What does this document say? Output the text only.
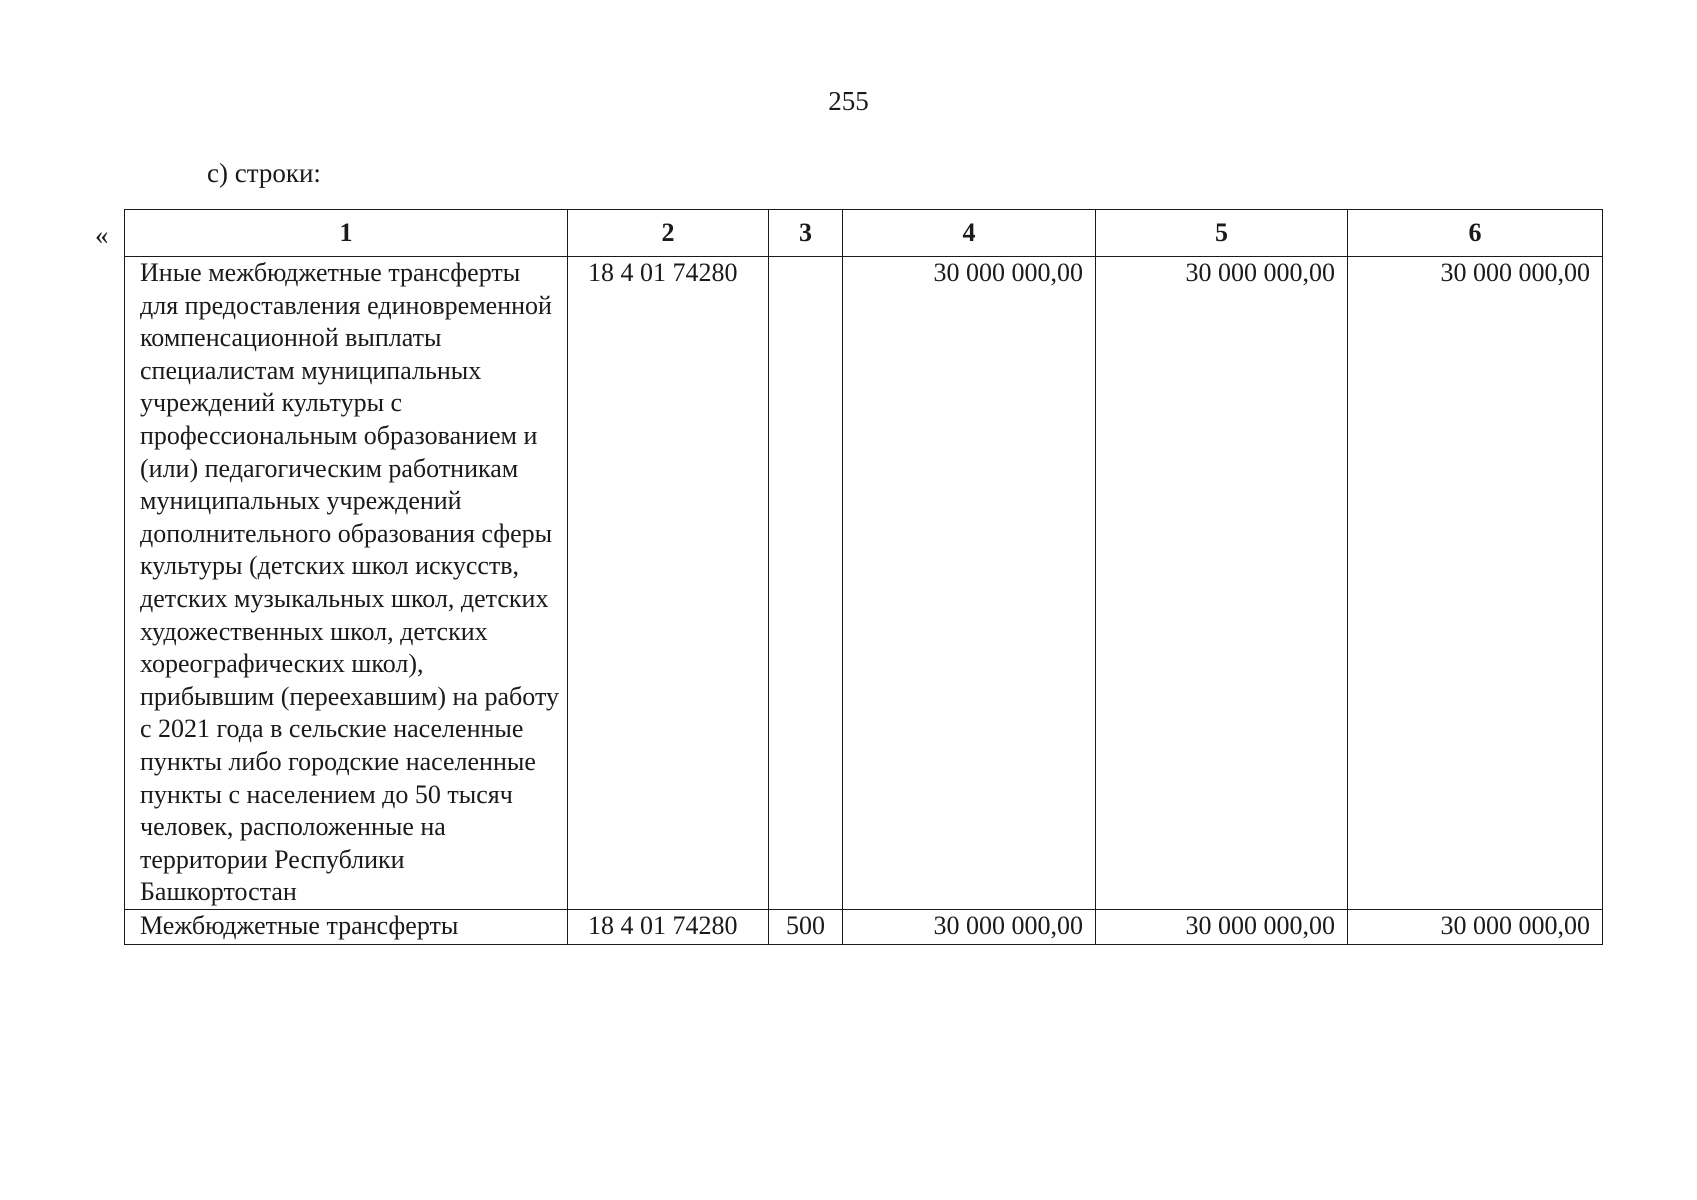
255
с) строки:
«	1	2	3	4	5	6
Иные межбюджетные трансферты для предоставления единовременной компенсационной выплаты специалистам муниципальных учреждений культуры с профессиональным образованием и (или) педагогическим работникам муниципальных учреждений дополнительного образования сферы культуры (детских школ искусств, детских музыкальных школ, детских художественных школ, детских хореографических школ), прибывшим (переехавшим) на работу с 2021 года в сельские населенные пункты либо городские населенные пункты с населением до 50 тысяч человек, расположенные на территории Республики Башкортостан	18 4 01 74280		30 000 000,00	30 000 000,00	30 000 000,00
Межбюджетные трансферты	18 4 01 74280	500	30 000 000,00	30 000 000,00	30 000 000,00
